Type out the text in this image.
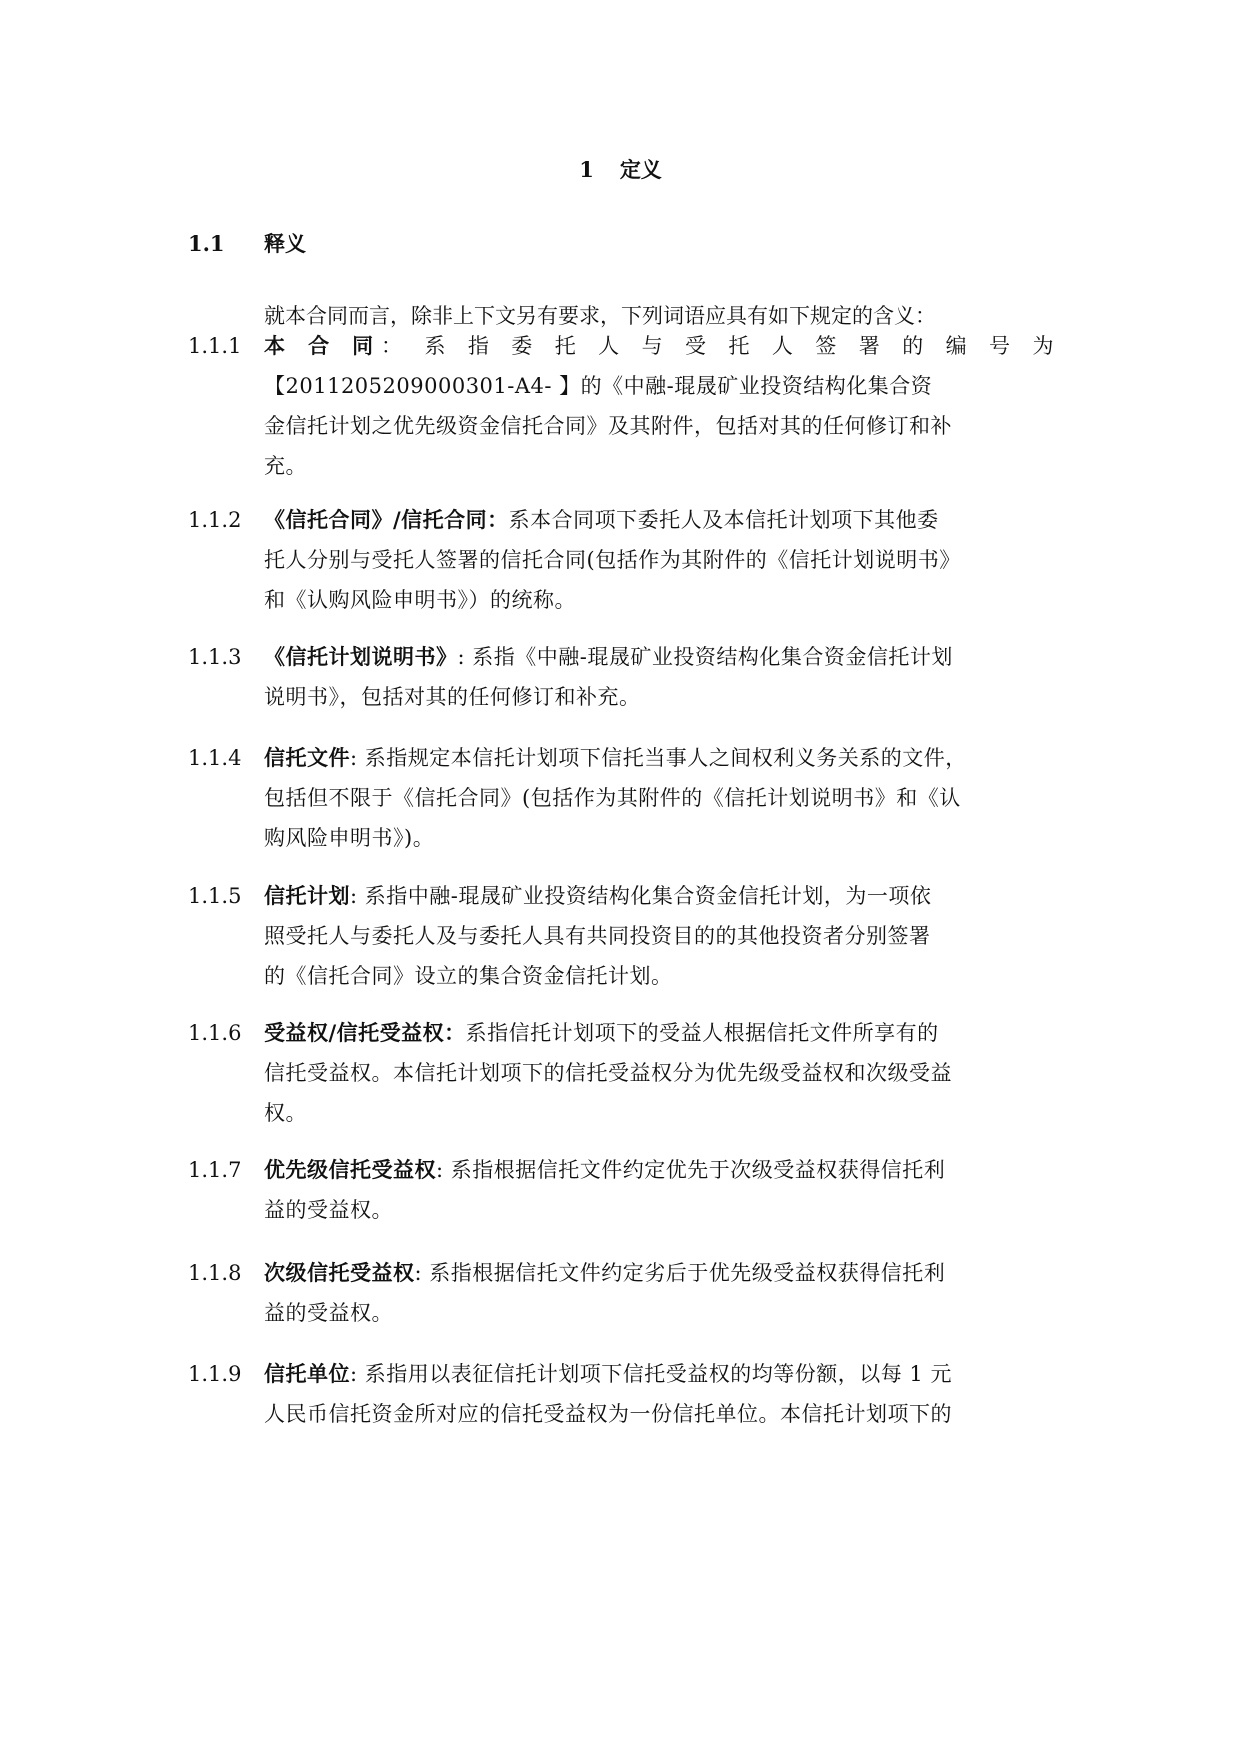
1 定义
1.1 释义
就本合同而言，除非上下文另有要求，下列词语应具有如下规定的含义：
1.1.1	本 合 同： 系 指 委 托 人 与 受 托 人 签 署 的 编 号 为
【2011205209000301-A4- 】的《中融-琨晟矿业投资结构化集合资
金信托计划之优先级资金信托合同》及其附件，包括对其的任何修订和补
充。
1.1.2	《信托合同》/信托合同：系本合同项下委托人及本信托计划项下其他委
托人分别与受托人签署的信托合同(包括作为其附件的《信托计划说明书》
和《认购风险申明书》）的统称。
1.1.3	《信托计划说明书》: 系指《中融-琨晟矿业投资结构化集合资金信托计划
说明书》，包括对其的任何修订和补充。
1.1.4	信托文件: 系指规定本信托计划项下信托当事人之间权利义务关系的文件，
包括但不限于《信托合同》(包括作为其附件的《信托计划说明书》和《认
购风险申明书》)。
1.1.5	信托计划: 系指中融-琨晟矿业投资结构化集合资金信托计划，为一项依
照受托人与委托人及与委托人具有共同投资目的的其他投资者分别签署
的《信托合同》设立的集合资金信托计划。
1.1.6	受益权/信托受益权：系指信托计划项下的受益人根据信托文件所享有的
信托受益权。本信托计划项下的信托受益权分为优先级受益权和次级受益
权。
1.1.7	优先级信托受益权: 系指根据信托文件约定优先于次级受益权获得信托利
益的受益权。
1.1.8	次级信托受益权: 系指根据信托文件约定劣后于优先级受益权获得信托利
益的受益权。
1.1.9	信托单位: 系指用以表征信托计划项下信托受益权的均等份额，以每 1 元
人民币信托资金所对应的信托受益权为一份信托单位。本信托计划项下的
